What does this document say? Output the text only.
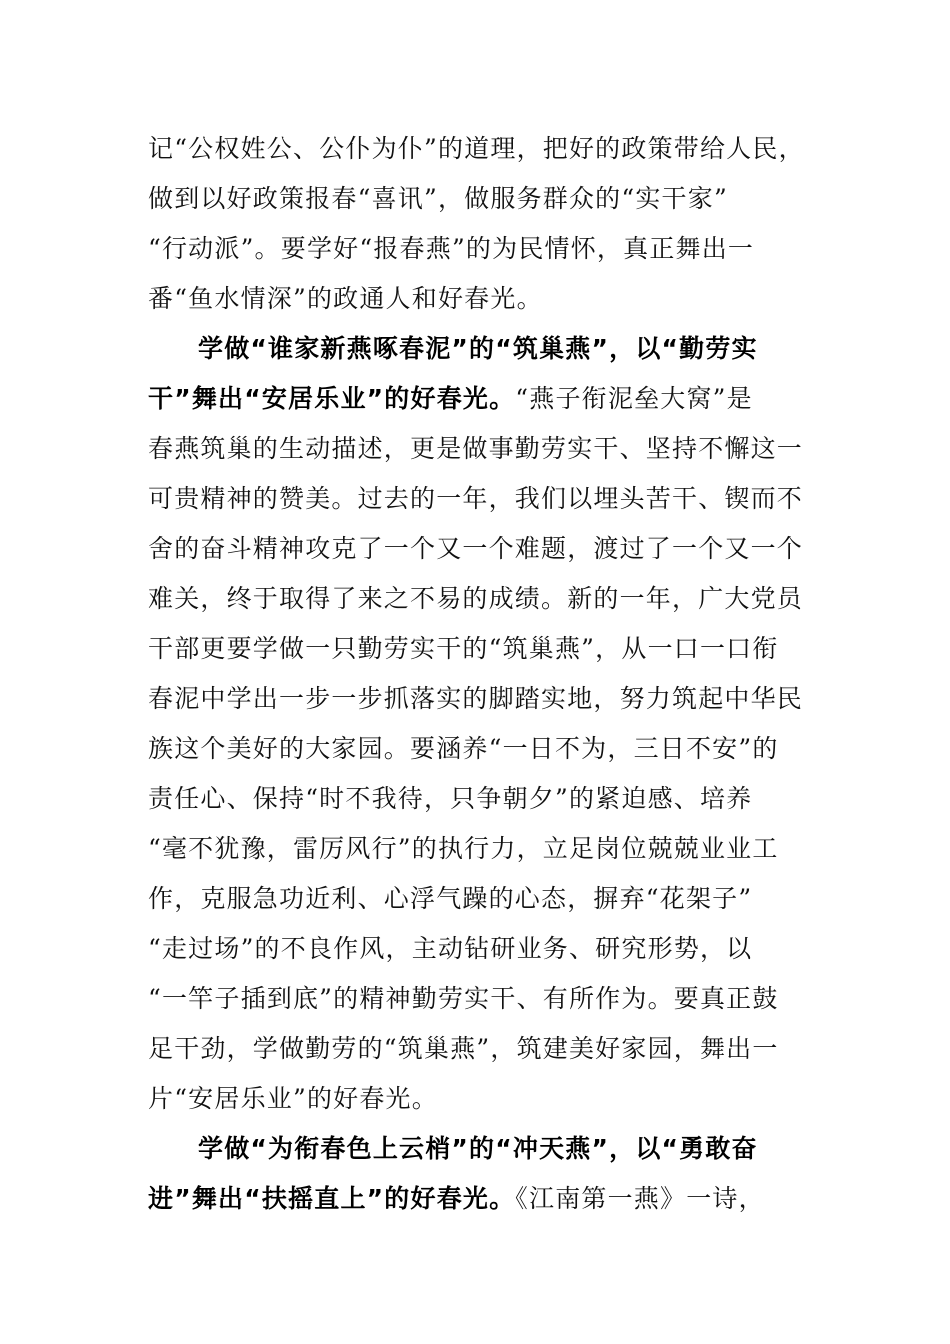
记“公权姓公、公仆为仆”的道理，把好的政策带给人民，
做到以好政策报春“喜讯”，做服务群众的“实干家”
“行动派”。要学好“报春燕”的为民情怀，真正舞出一
番“鱼水情深”的政通人和好春光。
学做“谁家新燕啄春泥”的“筑巢燕”，以“勤劳实
干”舞出“安居乐业”的好春光。“燕子衔泥垒大窝”是
春燕筑巢的生动描述，更是做事勤劳实干、坚持不懈这一
可贵精神的赞美。过去的一年，我们以埋头苦干、锲而不
舍的奋斗精神攻克了一个又一个难题，渡过了一个又一个
难关，终于取得了来之不易的成绩。新的一年，广大党员
干部更要学做一只勤劳实干的“筑巢燕”，从一口一口衔
春泥中学出一步一步抓落实的脚踏实地，努力筑起中华民
族这个美好的大家园。要涵养“一日不为，三日不安”的
责任心、保持“时不我待，只争朝夕”的紧迫感、培养
“毫不犹豫，雷厉风行”的执行力，立足岗位兢兢业业工
作，克服急功近利、心浮气躁的心态，摒弃“花架子”
“走过场”的不良作风，主动钻研业务、研究形势，以
“一竿子插到底”的精神勤劳实干、有所作为。要真正鼓
足干劲，学做勤劳的“筑巢燕”，筑建美好家园，舞出一
片“安居乐业”的好春光。
学做“为衔春色上云梢”的“冲天燕”，以“勇敢奋
进”舞出“扶摇直上”的好春光。《江南第一燕》一诗，
